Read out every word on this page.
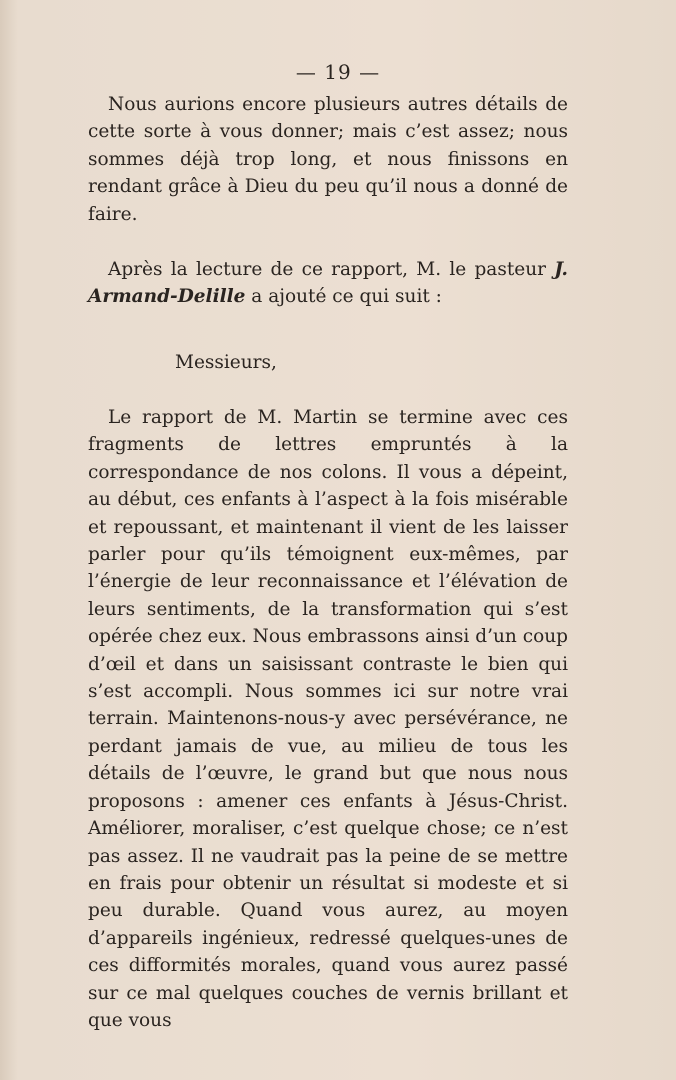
— 19 —

Nous aurions encore plusieurs autres détails de cette sorte à vous donner; mais c’est assez; nous sommes déjà trop long, et nous finissons en rendant grâce à Dieu du peu qu’il nous a donné de faire.

Après la lecture de ce rapport, M. le pasteur J. Armand-Delille a ajouté ce qui suit :

Messieurs,

Le rapport de M. Martin se termine avec ces fragments de lettres empruntés à la correspondance de nos colons. Il vous a dépeint, au début, ces enfants à l’aspect à la fois misérable et repoussant, et maintenant il vient de les laisser parler pour qu’ils témoignent eux-mêmes, par l’énergie de leur reconnaissance et l’élévation de leurs sentiments, de la transformation qui s’est opérée chez eux. Nous embrassons ainsi d’un coup d’œil et dans un saisissant contraste le bien qui s’est accompli. Nous sommes ici sur notre vrai terrain. Maintenons-nous-y avec persévérance, ne perdant jamais de vue, au milieu de tous les détails de l’œuvre, le grand but que nous nous proposons : amener ces enfants à Jésus-Christ. Améliorer, moraliser, c’est quelque chose; ce n’est pas assez. Il ne vaudrait pas la peine de se mettre en frais pour obtenir un résultat si modeste et si peu durable. Quand vous aurez, au moyen d’appareils ingénieux, redressé quelques-unes de ces difformités morales, quand vous aurez passé sur ce mal quelques couches de vernis brillant et que vous
